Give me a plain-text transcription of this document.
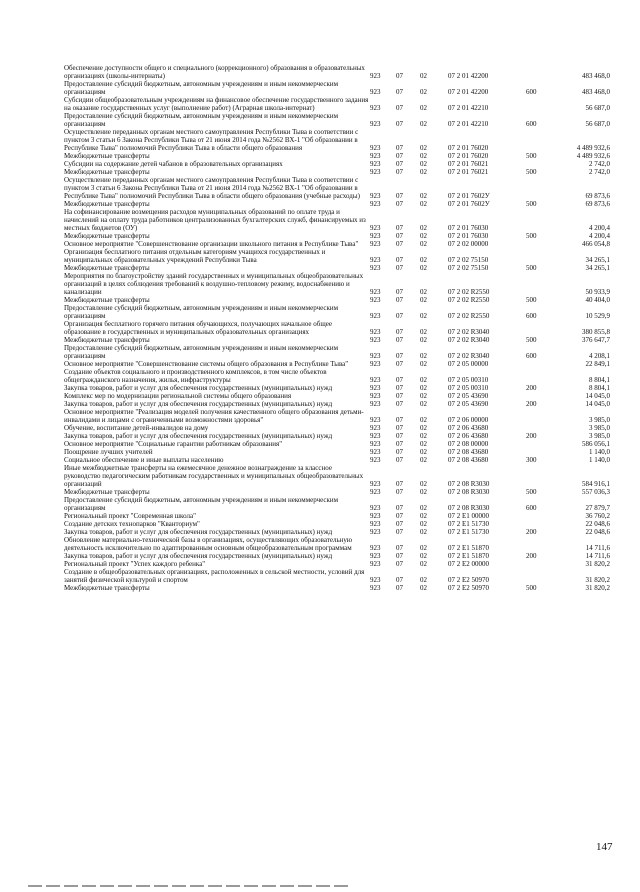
Обеспечение доступности общего и специального (коррекционного) образования в образовательных организациях (школы-интернаты)	923	07	02	07 2 01 42200		483 468,0
Предоставление субсидий бюджетным, автономным учреждениям и иным некоммерческим организациям	923	07	02	07 2 01 42200	600	483 468,0
Субсидии общеобразовательным учреждениям на финансовое обеспечение государственного задания на оказание государственных услуг (выполнение работ) (Аграрная школа-интернат)	923	07	02	07 2 01 42210		56 687,0
Предоставление субсидий бюджетным, автономным учреждениям и иным некоммерческим организациям	923	07	02	07 2 01 42210	600	56 687,0
Осуществление переданных органам местного самоуправления Республики Тыва в соответствии с пунктом 3 статьи 6 Закона Республики Тыва от 21 июня 2014 года №2562 ВХ-1 "Об образовании в Республике Тыва" полномочий Республики Тыва в области общего образования	923	07	02	07 2 01 76020		4 489 932,6
Межбюджетные трансферты	923	07	02	07 2 01 76020	500	4 489 932,6
Субсидии на содержание детей чабанов в образовательных организациях	923	07	02	07 2 01 76021		2 742,0
Межбюджетные трансферты	923	07	02	07 2 01 76021	500	2 742,0
Осуществление переданных органам местного самоуправления Республики Тыва в соответствии с пунктом 3 статьи 6 Закона Республики Тыва от 21 июня 2014 года №2562 ВХ-1 "Об образовании в Республике Тыва" полномочий Республики Тыва в области общего образования (учебные расходы)	923	07	02	07 2 01 7602У		69 873,6
Межбюджетные трансферты	923	07	02	07 2 01 7602У	500	69 873,6
На софинансирование возмещения расходов муниципальных образований по оплате труда и начислений на оплату труда работников централизованных бухгалтерских служб, финансируемых из местных бюджетов (ОУ)	923	07	02	07 2 01 76030		4 200,4
Межбюджетные трансферты	923	07	02	07 2 01 76030	500	4 200,4
Основное мероприятие "Совершенствование организации школьного питания в Республике Тыва"	923	07	02	07 2 02 00000		466 054,8
Организация бесплатного питания отдельным категориям учащихся государственных и муниципальных образовательных учреждений Республики Тыва	923	07	02	07 2 02 75150		34 265,1
Межбюджетные трансферты	923	07	02	07 2 02 75150	500	34 265,1
Мероприятия по благоустройству зданий государственных и муниципальных общеобразовательных организаций в целях соблюдения требований к воздушно-тепловому режиму, водоснабжению и канализации	923	07	02	07 2 02 R2550		50 933,9
Межбюджетные трансферты	923	07	02	07 2 02 R2550	500	40 404,0
Предоставление субсидий бюджетным, автономным учреждениям и иным некоммерческим организациям	923	07	02	07 2 02 R2550	600	10 529,9
Организация бесплатного горячего питания обучающихся, получающих начальное общее образование в государственных и муниципальных образовательных организациях	923	07	02	07 2 02 R3040		380 855,8
Межбюджетные трансферты	923	07	02	07 2 02 R3040	500	376 647,7
Предоставление субсидий бюджетным, автономным учреждениям и иным некоммерческим организациям	923	07	02	07 2 02 R3040	600	4 208,1
Основное мероприятие "Совершенствование системы общего образования в Республике Тыва"	923	07	02	07 2 05 00000		22 849,1
Создание объектов социального и производственного комплексов, в том числе объектов общегражданского назначения, жилья, инфраструктуры	923	07	02	07 2 05 00310		8 804,1
Закупка товаров, работ и услуг для обеспечения государственных (муниципальных) нужд	923	07	02	07 2 05 00310	200	8 804,1
Комплекс мер по модернизации региональной системы общего образования	923	07	02	07 2 05 43690		14 045,0
Закупка товаров, работ и услуг для обеспечения государственных (муниципальных) нужд	923	07	02	07 2 05 43690	200	14 045,0
Основное мероприятие "Реализация моделей получения качественного общего образования детьми-инвалидами и лицами с ограниченными возможностями здоровья"	923	07	02	07 2 06 00000		3 985,0
Обучение, воспитание детей-инвалидов на дому	923	07	02	07 2 06 43680		3 985,0
Закупка товаров, работ и услуг для обеспечения государственных (муниципальных) нужд	923	07	02	07 2 06 43680	200	3 985,0
Основное мероприятие "Социальные гарантии работникам образования"	923	07	02	07 2 08 00000		586 056,1
Поощрение лучших учителей	923	07	02	07 2 08 43680		1 140,0
Социальное обеспечение и иные выплаты населению	923	07	02	07 2 08 43680	300	1 140,0
Иные межбюджетные трансферты на ежемесячное денежное вознаграждение за классное руководство педагогическим работникам государственных и муниципальных общеобразовательных организаций	923	07	02	07 2 08 R3030		584 916,1
Межбюджетные трансферты	923	07	02	07 2 08 R3030	500	557 036,3
Предоставление субсидий бюджетным, автономным учреждениям и иным некоммерческим организациям	923	07	02	07 2 08 R3030	600	27 879,7
Региональный проект "Современная школа"	923	07	02	07 2 E1 00000		36 760,2
Создание детских технопарков "Кванториум"	923	07	02	07 2 E1 51730		22 048,6
Закупка товаров, работ и услуг для обеспечения государственных (муниципальных) нужд	923	07	02	07 2 E1 51730	200	22 048,6
Обновление материально-технической базы в организациях, осуществляющих образовательную деятельность исключительно по адаптированным основным общеобразовательным программам	923	07	02	07 2 E1 51870		14 711,6
Закупка товаров, работ и услуг для обеспечения государственных (муниципальных) нужд	923	07	02	07 2 E1 51870	200	14 711,6
Региональный проект "Успех каждого ребенка"	923	07	02	07 2 E2 00000		31 820,2
Создание в общеобразовательных организациях, расположенных в сельской местности, условий для занятий физической культурой и спортом	923	07	02	07 2 E2 50970		31 820,2
Межбюджетные трансферты	923	07	02	07 2 E2 50970	500	31 820,2
147
